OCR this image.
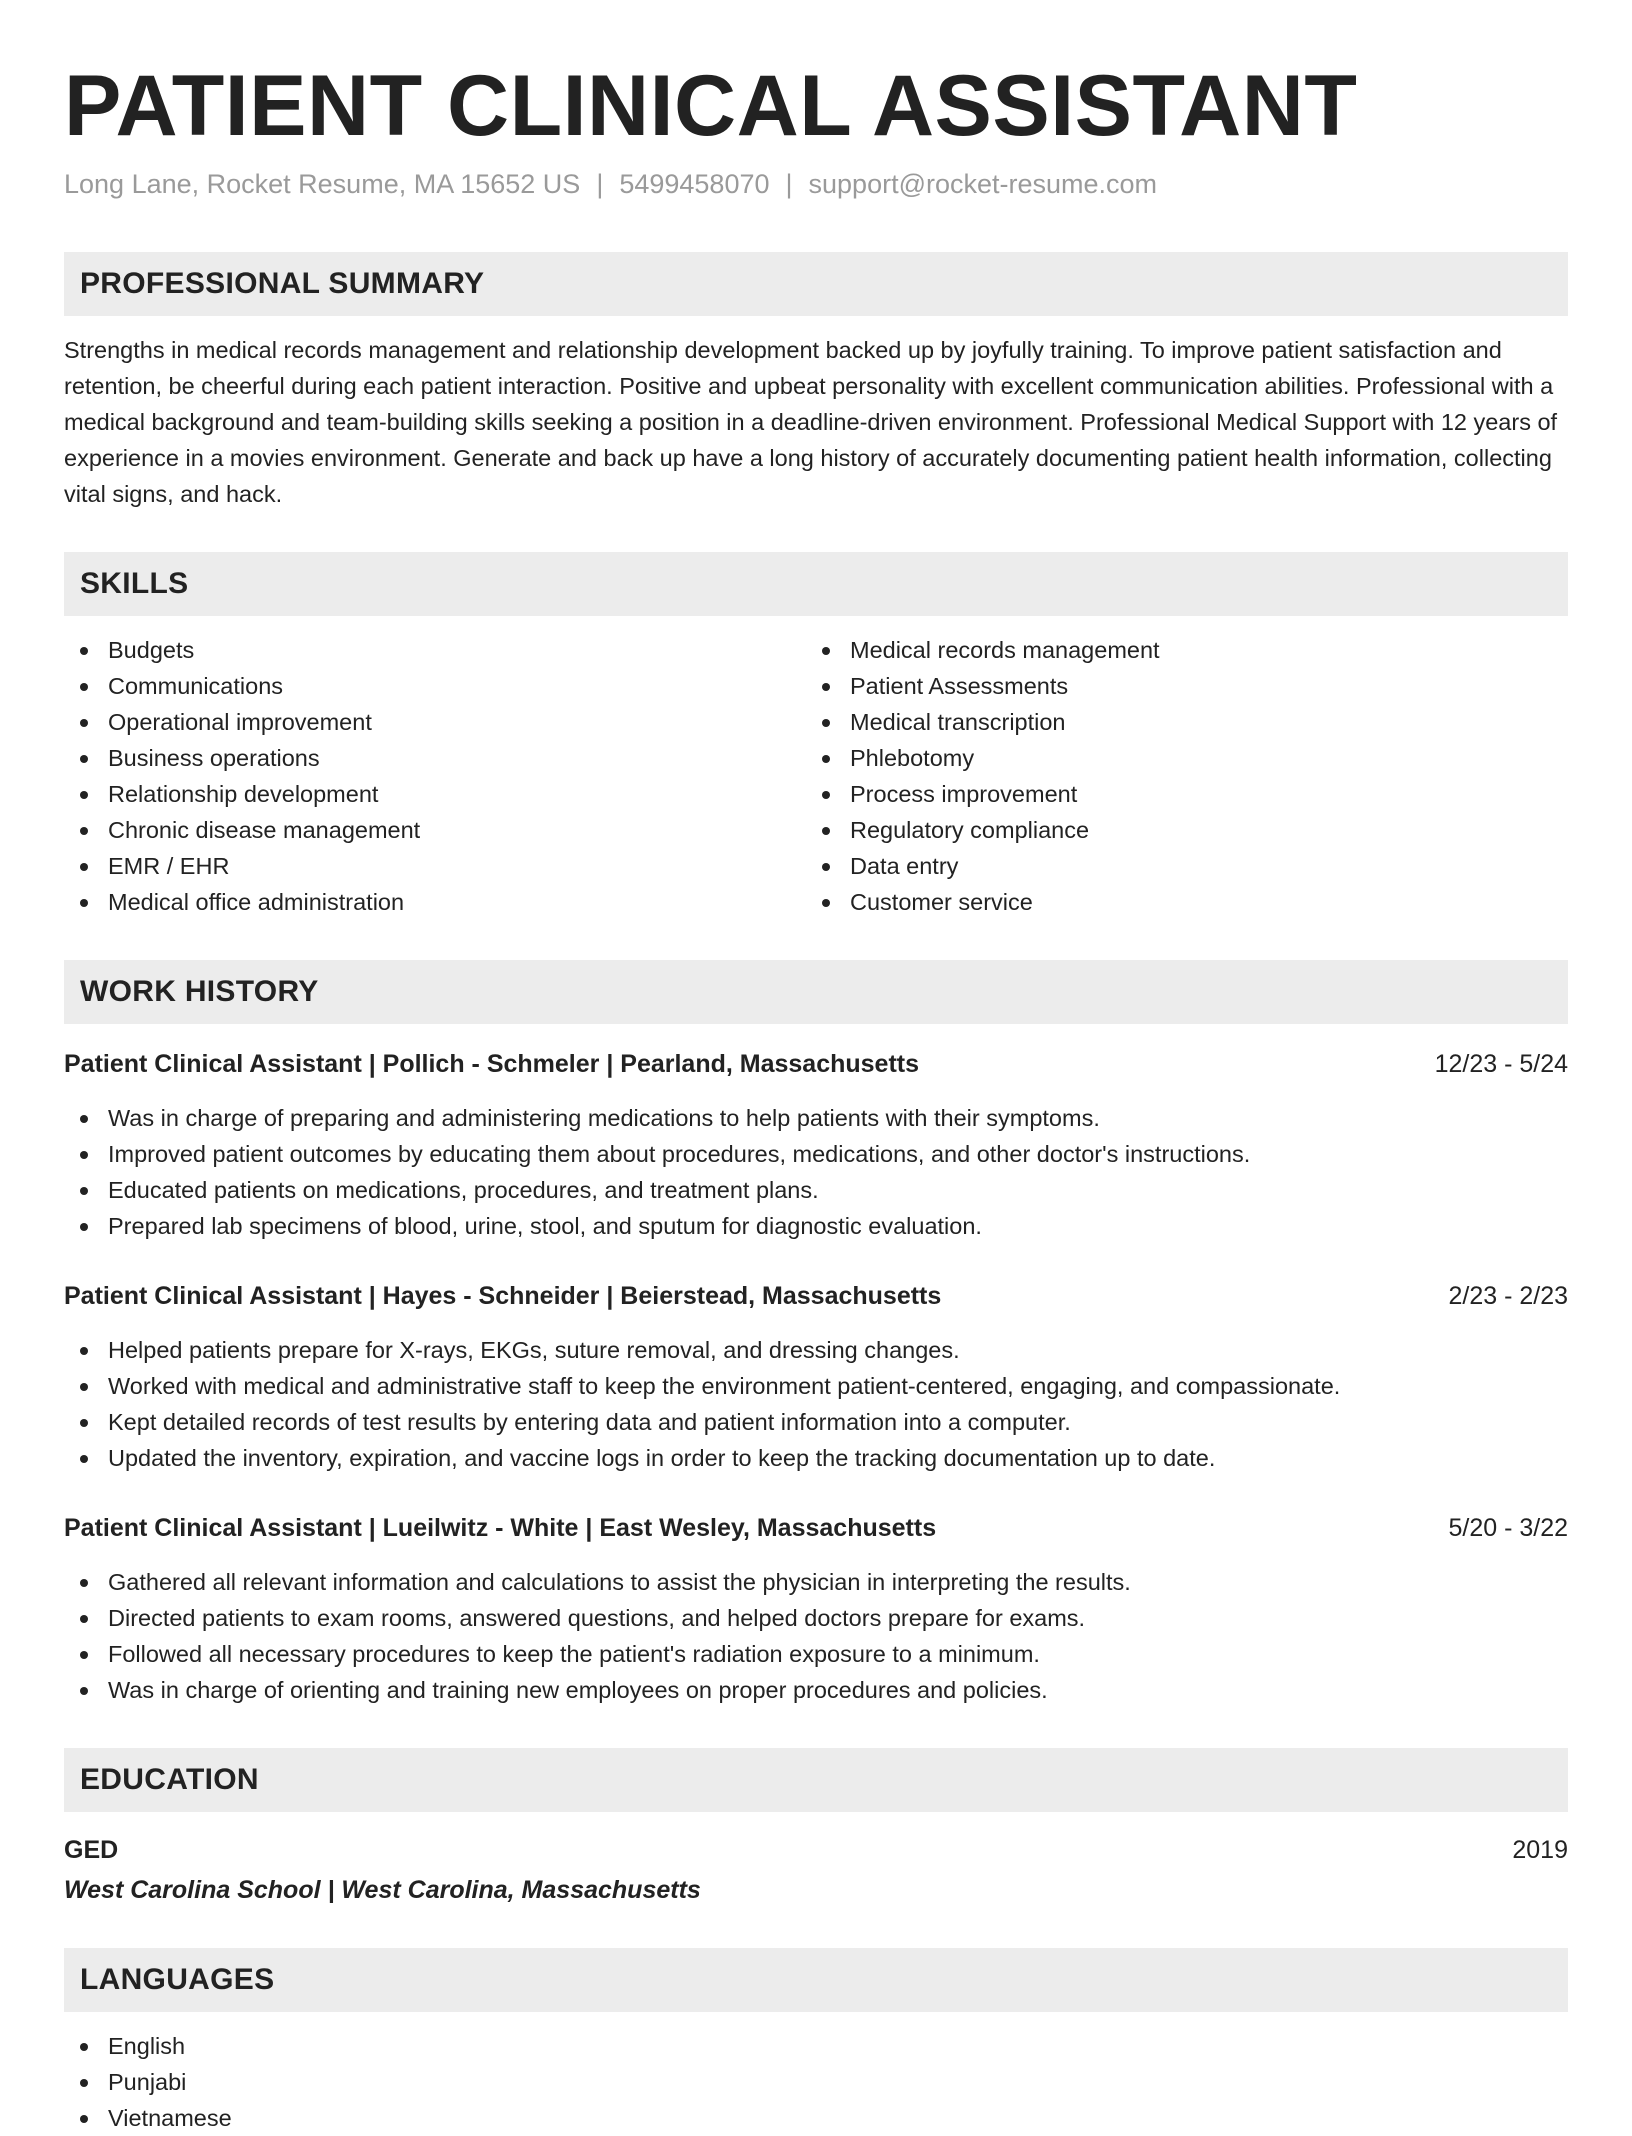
PATIENT CLINICAL ASSISTANT
Long Lane, Rocket Resume, MA 15652 US | 5499458070 | support@rocket-resume.com
PROFESSIONAL SUMMARY
Strengths in medical records management and relationship development backed up by joyfully training. To improve patient satisfaction and retention, be cheerful during each patient interaction. Positive and upbeat personality with excellent communication abilities. Professional with a medical background and team-building skills seeking a position in a deadline-driven environment. Professional Medical Support with 12 years of experience in a movies environment. Generate and back up have a long history of accurately documenting patient health information, collecting vital signs, and hack.
SKILLS
Budgets
Communications
Operational improvement
Business operations
Relationship development
Chronic disease management
EMR / EHR
Medical office administration
Medical records management
Patient Assessments
Medical transcription
Phlebotomy
Process improvement
Regulatory compliance
Data entry
Customer service
WORK HISTORY
Patient Clinical Assistant | Pollich - Schmeler | Pearland, Massachusetts	12/23 - 5/24
Was in charge of preparing and administering medications to help patients with their symptoms.
Improved patient outcomes by educating them about procedures, medications, and other doctor's instructions.
Educated patients on medications, procedures, and treatment plans.
Prepared lab specimens of blood, urine, stool, and sputum for diagnostic evaluation.
Patient Clinical Assistant | Hayes - Schneider | Beierstead, Massachusetts	2/23 - 2/23
Helped patients prepare for X-rays, EKGs, suture removal, and dressing changes.
Worked with medical and administrative staff to keep the environment patient-centered, engaging, and compassionate.
Kept detailed records of test results by entering data and patient information into a computer.
Updated the inventory, expiration, and vaccine logs in order to keep the tracking documentation up to date.
Patient Clinical Assistant | Lueilwitz - White | East Wesley, Massachusetts	5/20 - 3/22
Gathered all relevant information and calculations to assist the physician in interpreting the results.
Directed patients to exam rooms, answered questions, and helped doctors prepare for exams.
Followed all necessary procedures to keep the patient's radiation exposure to a minimum.
Was in charge of orienting and training new employees on proper procedures and policies.
EDUCATION
GED	2019
West Carolina School | West Carolina, Massachusetts
LANGUAGES
English
Punjabi
Vietnamese
